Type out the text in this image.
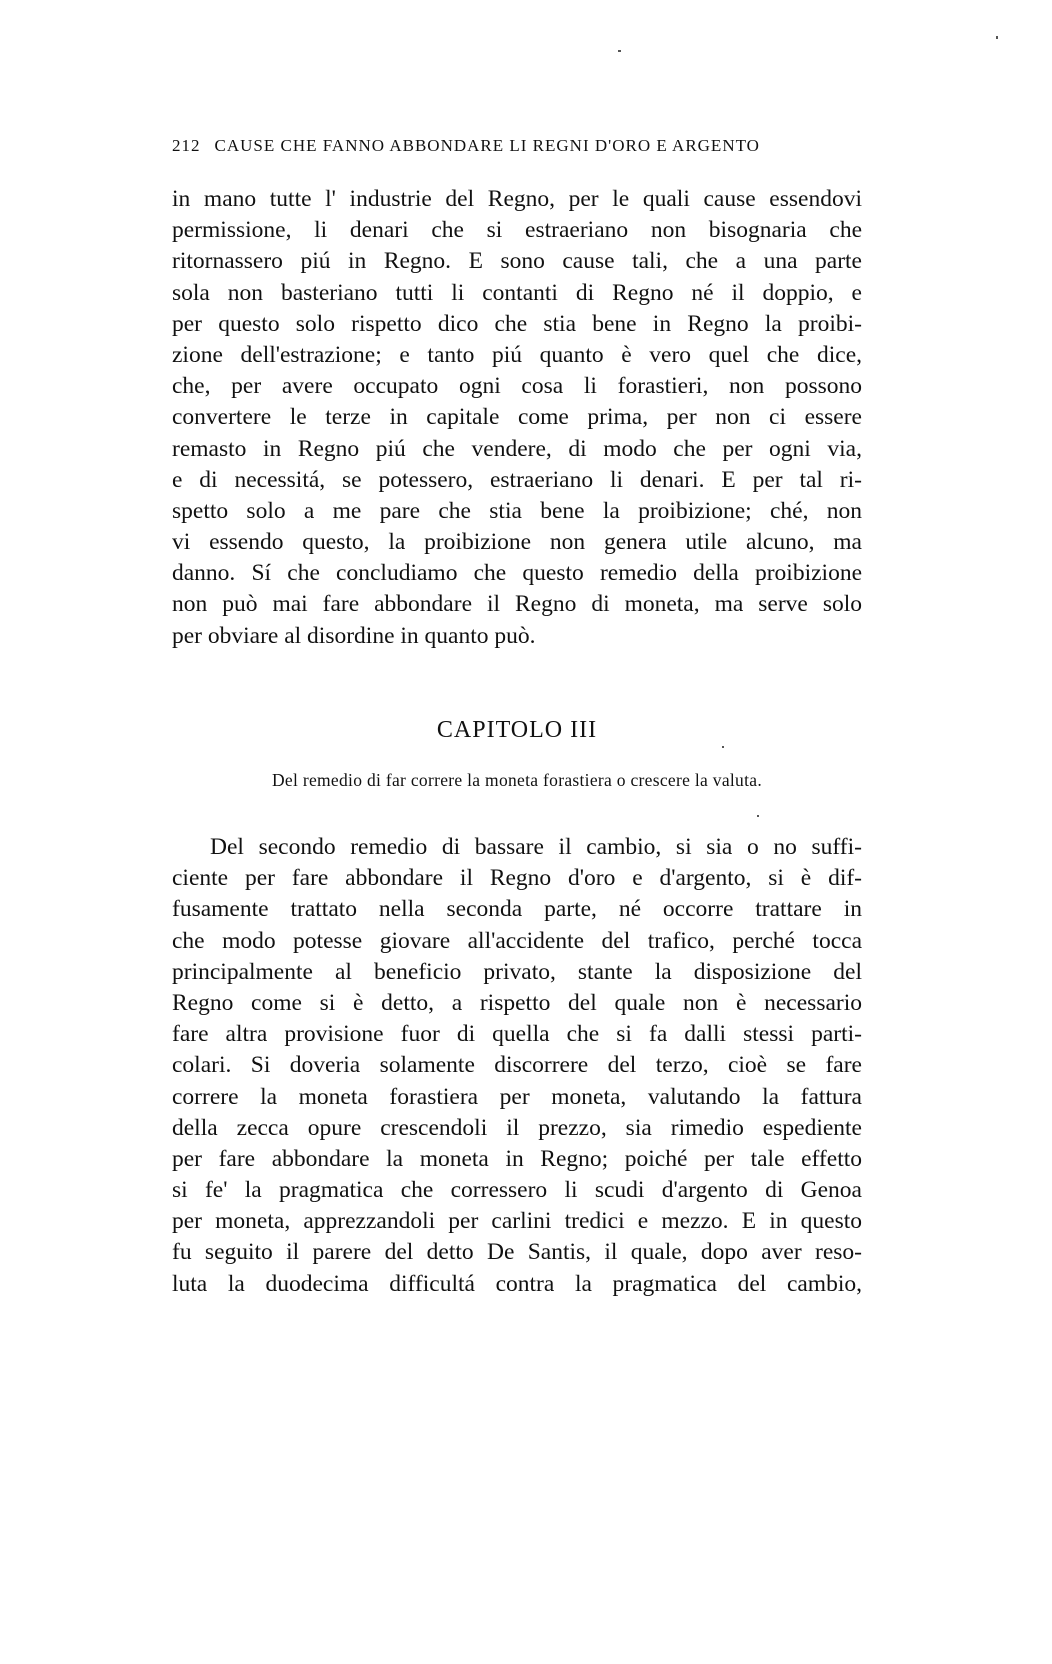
212 CAUSE CHE FANNO ABBONDARE LI REGNI D'ORO E ARGENTO
in mano tutte l' industrie del Regno, per le quali cause essendovi
permissione, li denari che si estraeriano non bisognaria che
ritornassero piú in Regno. E sono cause tali, che a una parte
sola non basteriano tutti li contanti di Regno né il doppio, e
per questo solo rispetto dico che stia bene in Regno la proibi-
zione dell'estrazione; e tanto piú quanto è vero quel che dice,
che, per avere occupato ogni cosa li forastieri, non possono
convertere le terze in capitale come prima, per non ci essere
remasto in Regno piú che vendere, di modo che per ogni via,
e di necessitá, se potessero, estraeriano li denari. E per tal ri-
spetto solo a me pare che stia bene la proibizione; ché, non
vi essendo questo, la proibizione non genera utile alcuno, ma
danno. Sí che concludiamo che questo remedio della proibizione
non può mai fare abbondare il Regno di moneta, ma serve solo
per obviare al disordine in quanto può.
CAPITOLO III
Del remedio di far correre la moneta forastiera o crescere la valuta.
Del secondo remedio di bassare il cambio, si sia o no suffi-
ciente per fare abbondare il Regno d'oro e d'argento, si è dif-
fusamente trattato nella seconda parte, né occorre trattare in
che modo potesse giovare all'accidente del trafico, perché tocca
principalmente al beneficio privato, stante la disposizione del
Regno come si è detto, a rispetto del quale non è necessario
fare altra provisione fuor di quella che si fa dalli stessi parti-
colari. Si doveria solamente discorrere del terzo, cioè se fare
correre la moneta forastiera per moneta, valutando la fattura
della zecca opure crescendoli il prezzo, sia rimedio espediente
per fare abbondare la moneta in Regno; poiché per tale effetto
si fe' la pragmatica che corressero li scudi d'argento di Genoa
per moneta, apprezzandoli per carlini tredici e mezzo. E in questo
fu seguito il parere del detto De Santis, il quale, dopo aver reso-
luta la duodecima difficultá contra la pragmatica del cambio,
